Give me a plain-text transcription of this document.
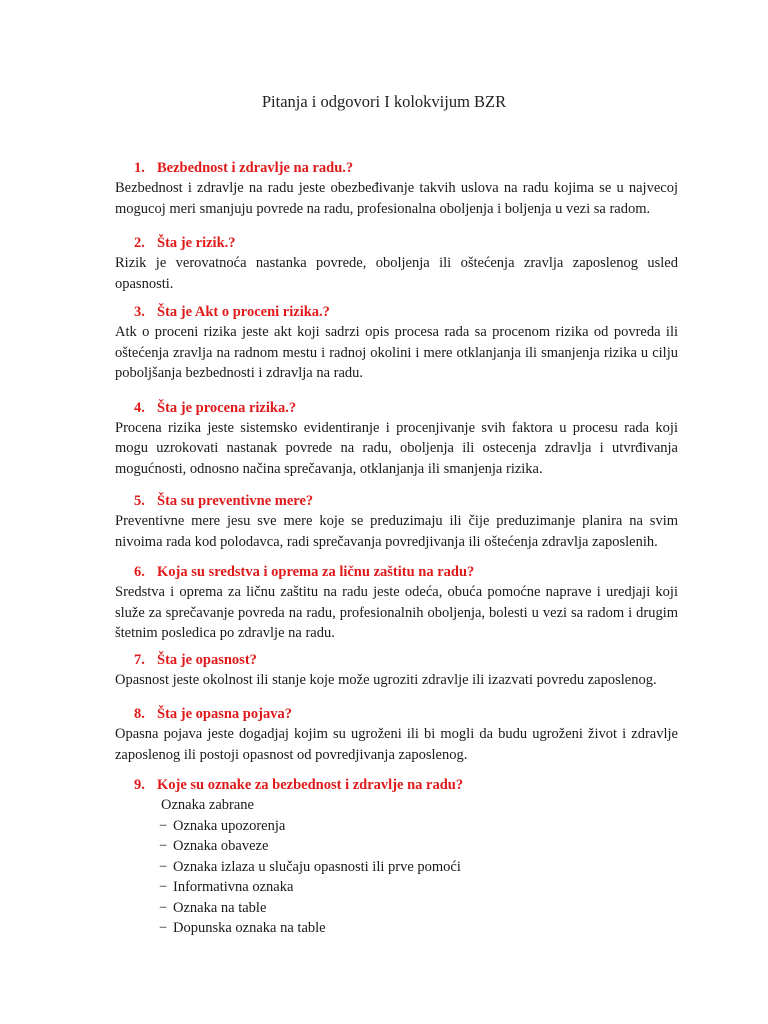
Pitanja i odgovori I kolokvijum BZR

1. Bezbednost i zdravlje na radu.?

Bezbednost i zdravlje na radu jeste obezbeđivanje takvih uslova na radu kojima se u najvecoj mogucoj meri smanjuju povrede na radu, profesionalna oboljenja i boljenja u vezi sa radom.

2. Šta je rizik.?

Rizik je verovatnoća nastanka povrede, oboljenja ili oštećenja zravlja zaposlenog usled opasnosti.

3. Šta je Akt o proceni rizika.?

Atk o proceni rizika jeste akt koji sadrzi opis procesa rada sa procenom rizika od povreda ili oštećenja zravlja na radnom mestu i radnoj okolini i mere otklanjanja ili smanjenja rizika u cilju poboljšanja bezbednosti i zdravlja na radu.

4. Šta je procena rizika.?

Procena rizika jeste sistemsko evidentiranje i procenjivanje svih faktora u procesu rada koji mogu uzrokovati nastanak povrede na radu, oboljenja ili ostecenja zdravlja i utvrđivanja mogućnosti, odnosno načina sprečavanja, otklanjanja ili smanjenja rizika.

5. Šta su preventivne mere?

Preventivne mere jesu sve mere koje se preduzimaju ili čije preduzimanje planira na svim nivoima rada kod polodavca, radi sprečavanja povredjivanja ili oštećenja zdravlja zaposlenih.

6. Koja su sredstva i oprema za ličnu zaštitu na radu?

Sredstva i oprema za ličnu zaštitu na radu jeste odeća, obuća pomoćne naprave i uredjaji koji služe za sprečavanje povreda na radu, profesionalnih oboljenja, bolesti u vezi sa radom i drugim štetnim posledica po zdravlje na radu.

7. Šta je opasnost?

Opasnost jeste okolnost ili stanje koje može ugroziti zdravlje ili izazvati povredu zaposlenog.

8. Šta je opasna pojava?

Opasna pojava jeste dogadjaj kojim su ugroženi ili bi mogli da budu ugroženi život i zdravlje zaposlenog ili postoji opasnost od povredjivanja zaposlenog.

9. Koje su oznake za bezbednost i zdravlje na radu?

Oznaka zabrane
− Oznaka upozorenja
− Oznaka obaveze
− Oznaka izlaza u slučaju opasnosti ili prve pomoći
− Informativna oznaka
− Oznaka na table
− Dopunska oznaka na table
